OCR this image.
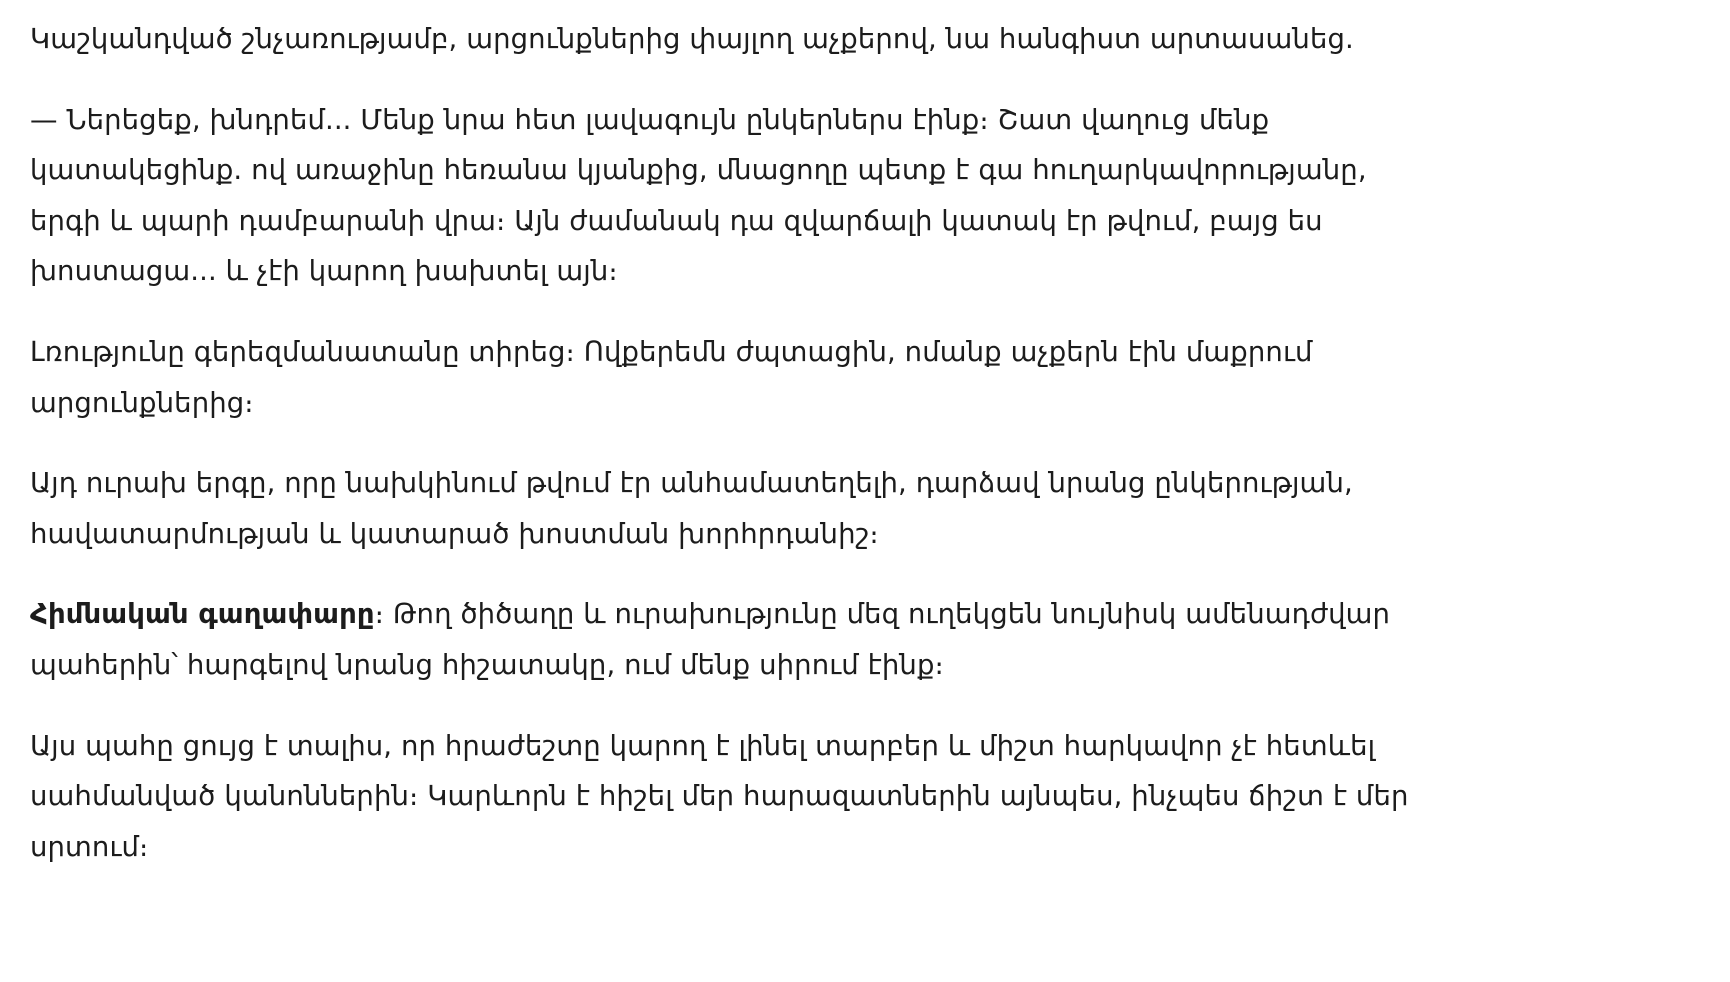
Կաշկանդված շնչառությամբ, արցունքներից փայլող աչքերով, նա հանգիստ արտասանեց.

— Ներեցեք, խնդրեմ... Մենք նրա հետ լավագույն ընկերներս էինք։ Շատ վաղուց մենք կատակեցինք. ով առաջինը հեռանա կյանքից, մնացողը պետք է գա հուղարկավորությանը, երգի և պարի դամբարանի վրա։ Այն ժամանակ դա զվարճալի կատակ էր թվում, բայց ես խոստացա... և չէի կարող խախտել այն։

Լռությունը գերեզմանատանը տիրեց։ Ովքերեմն ժպտացին, ոմանք աչքերն էին մաքրում արցունքներից։

Այդ ուրախ երգը, որը նախկինում թվում էր անհամատեղելի, դարձավ նրանց ընկերության, հավատարմության և կատարած խոստման խորհրդանիշ։

Հիմնական գաղափարը։ Թող ծիծաղը և ուրախությունը մեզ ուղեկցեն նույնիսկ ամենադժվար պահերին՝ հարգելով նրանց հիշատակը, ում մենք սիրում էինք։

Այս պահը ցույց է տալիս, որ հրաժեշտը կարող է լինել տարբեր և միշտ հարկավոր չէ հետևել սահմանված կանոններին։ Կարևորն է հիշել մեր հարազատներին այնպես, ինչպես ճիշտ է մեր սրտում։
